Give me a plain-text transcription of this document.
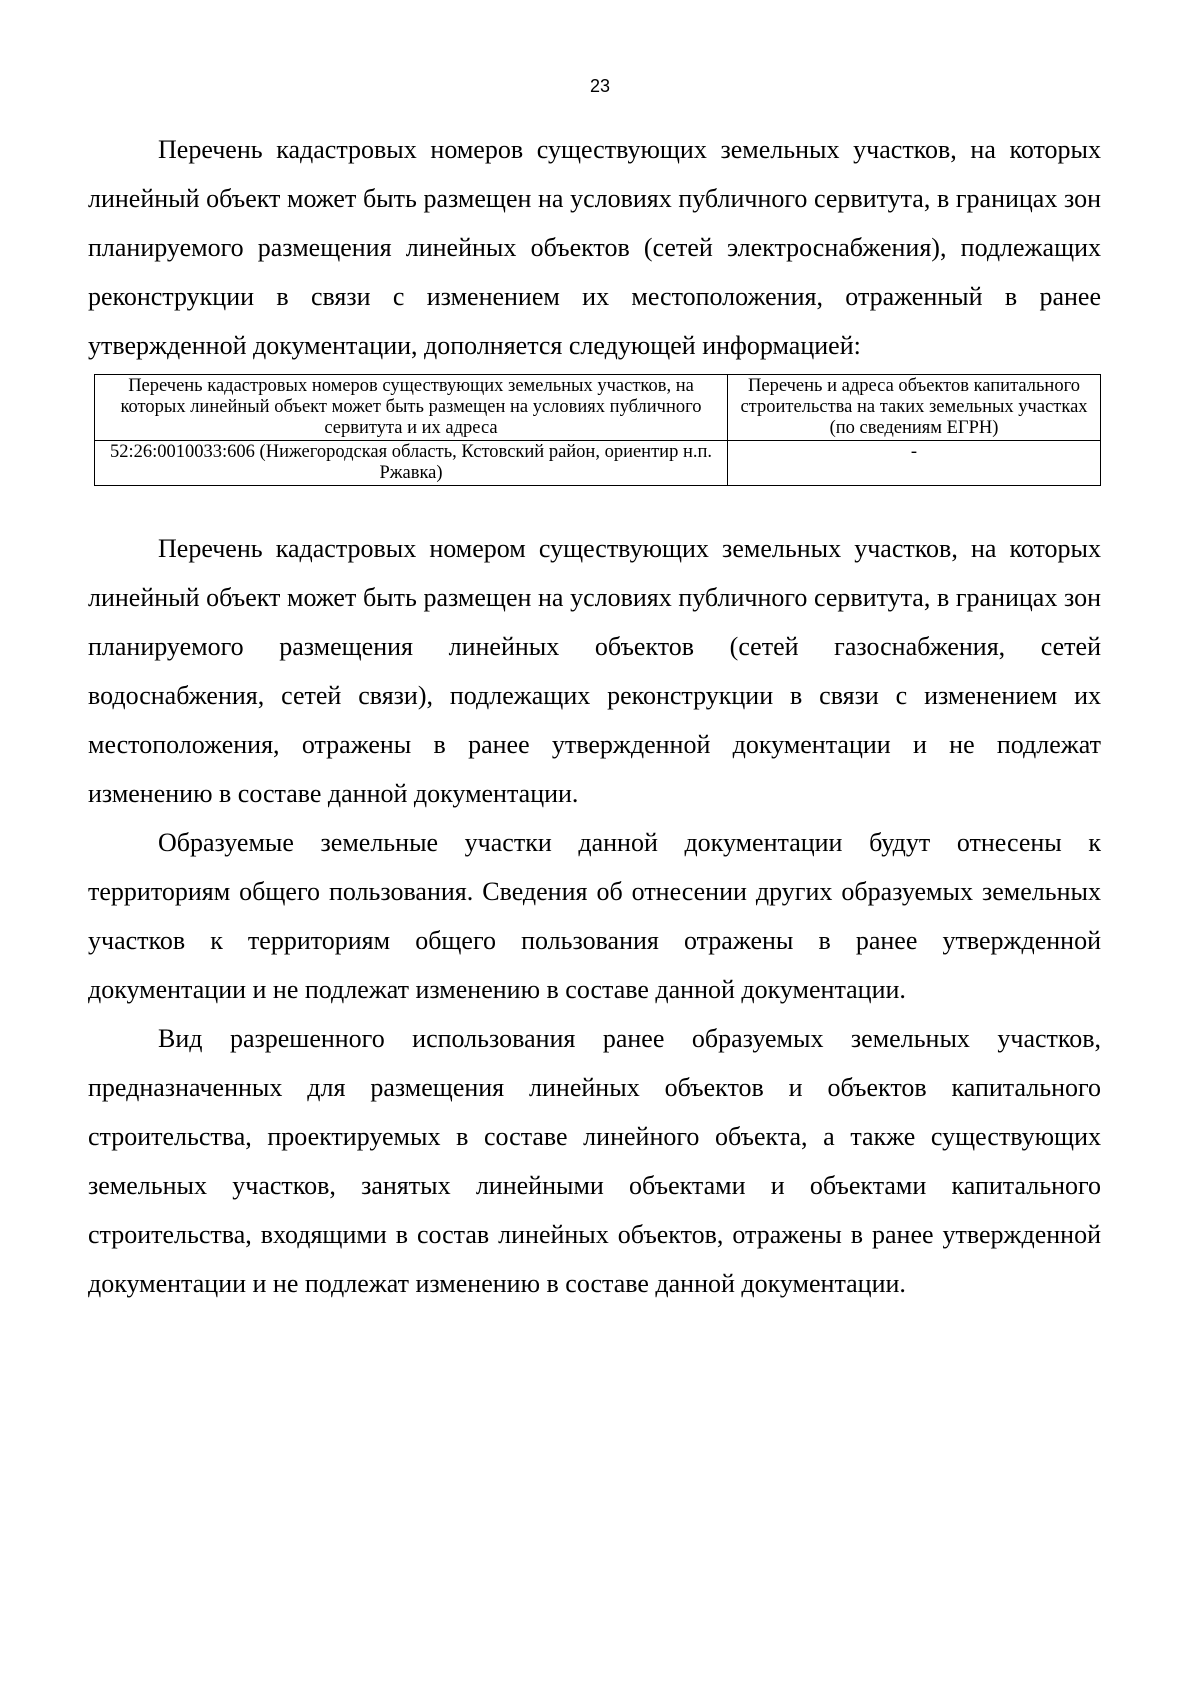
23

Перечень кадастровых номеров существующих земельных участков, на которых линейный объект может быть размещен на условиях публичного сервитута, в границах зон планируемого размещения линейных объектов (сетей электроснабжения), подлежащих реконструкции в связи с изменением их местоположения, отраженный в ранее утвержденной документации, дополняется следующей информацией:

Перечень кадастровых номеров существующих земельных участков, на которых линейный объект может быть размещен на условиях публичного сервитута и их адреса	Перечень и адреса объектов капитального строительства на таких земельных участках (по сведениям ЕГРН)
52:26:0010033:606 (Нижегородская область, Кстовский район, ориентир н.п. Ржавка)	-

Перечень кадастровых номером существующих земельных участков, на которых линейный объект может быть размещен на условиях публичного сервитута, в границах зон планируемого размещения линейных объектов (сетей газоснабжения, сетей водоснабжения, сетей связи), подлежащих реконструкции в связи с изменением их местоположения, отражены в ранее утвержденной документации и не подлежат изменению в составе данной документации.

Образуемые земельные участки данной документации будут отнесены к территориям общего пользования. Сведения об отнесении других образуемых земельных участков к территориям общего пользования отражены в ранее утвержденной документации и не подлежат изменению в составе данной документации.

Вид разрешенного использования ранее образуемых земельных участков, предназначенных для размещения линейных объектов и объектов капитального строительства, проектируемых в составе линейного объекта, а также существующих земельных участков, занятых линейными объектами и объектами капитального строительства, входящими в состав линейных объектов, отражены в ранее утвержденной документации и не подлежат изменению в составе данной документации.
